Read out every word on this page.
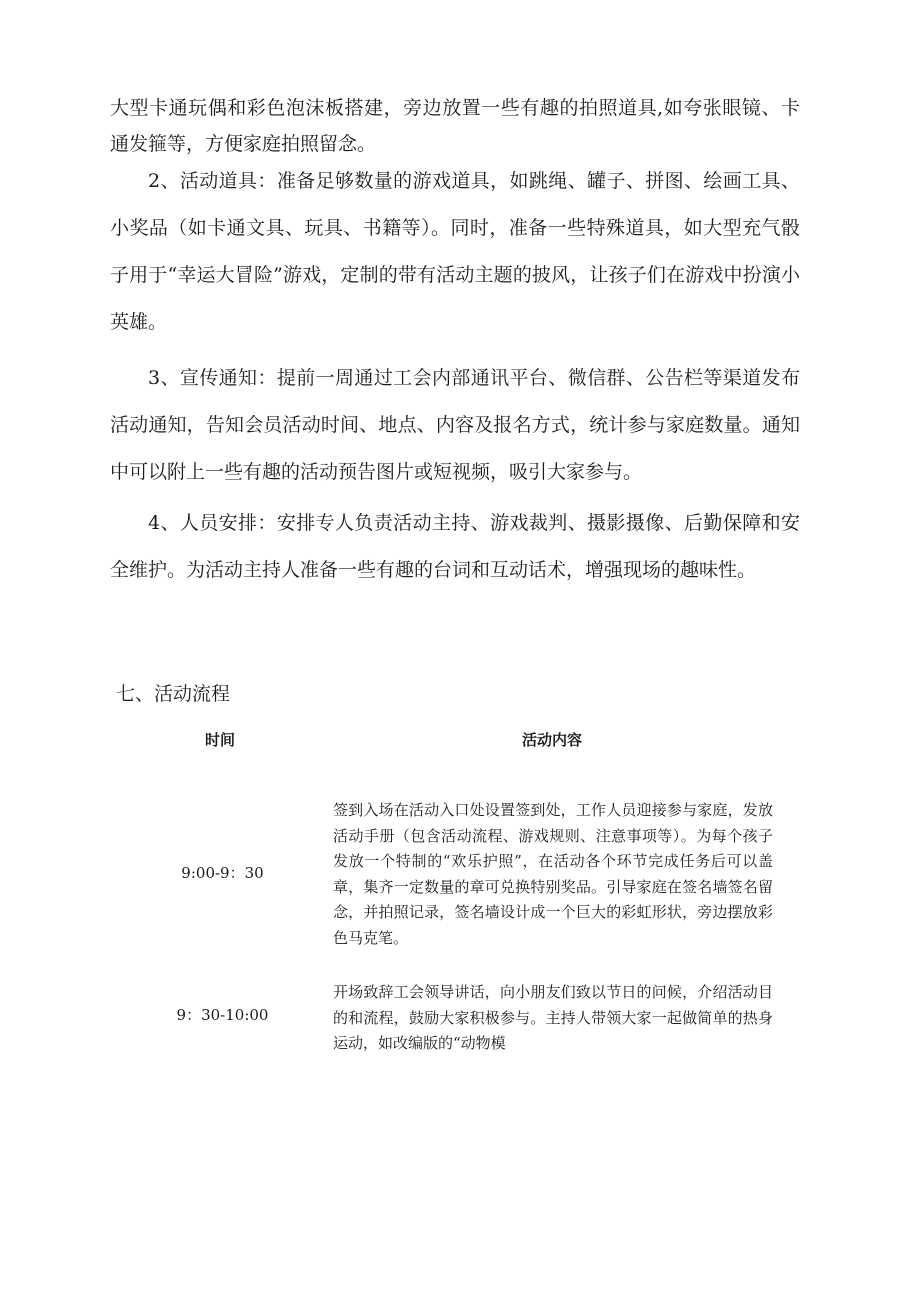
大型卡通玩偶和彩色泡沫板搭建，旁边放置一些有趣的拍照道具,如夸张眼镜、卡通发箍等，方便家庭拍照留念。

2、活动道具：准备足够数量的游戏道具，如跳绳、罐子、拼图、绘画工具、小奖品（如卡通文具、玩具、书籍等）。同时，准备一些特殊道具，如大型充气骰子用于“幸运大冒险”游戏，定制的带有活动主题的披风，让孩子们在游戏中扮演小英雄。

3、宣传通知：提前一周通过工会内部通讯平台、微信群、公告栏等渠道发布活动通知，告知会员活动时间、地点、内容及报名方式，统计参与家庭数量。通知中可以附上一些有趣的活动预告图片或短视频，吸引大家参与。

4、人员安排：安排专人负责活动主持、游戏裁判、摄影摄像、后勤保障和安全维护。为活动主持人准备一些有趣的台词和互动话术，增强现场的趣味性。

七、活动流程

时间	活动内容
9:00-9：30
签到入场在活动入口处设置签到处，工作人员迎接参与家庭，发放活动手册（包含活动流程、游戏规则、注意事项等）。为每个孩子发放一个特制的“欢乐护照”，在活动各个环节完成任务后可以盖章，集齐一定数量的章可兑换特别奖品。引导家庭在签名墙签名留念，并拍照记录，签名墙设计成一个巨大的彩虹形状，旁边摆放彩色马克笔。
9：30-10:00
开场致辞工会领导讲话，向小朋友们致以节日的问候，介绍活动目的和流程，鼓励大家积极参与。主持人带领大家一起做简单的热身运动，如改编版的“动物模
